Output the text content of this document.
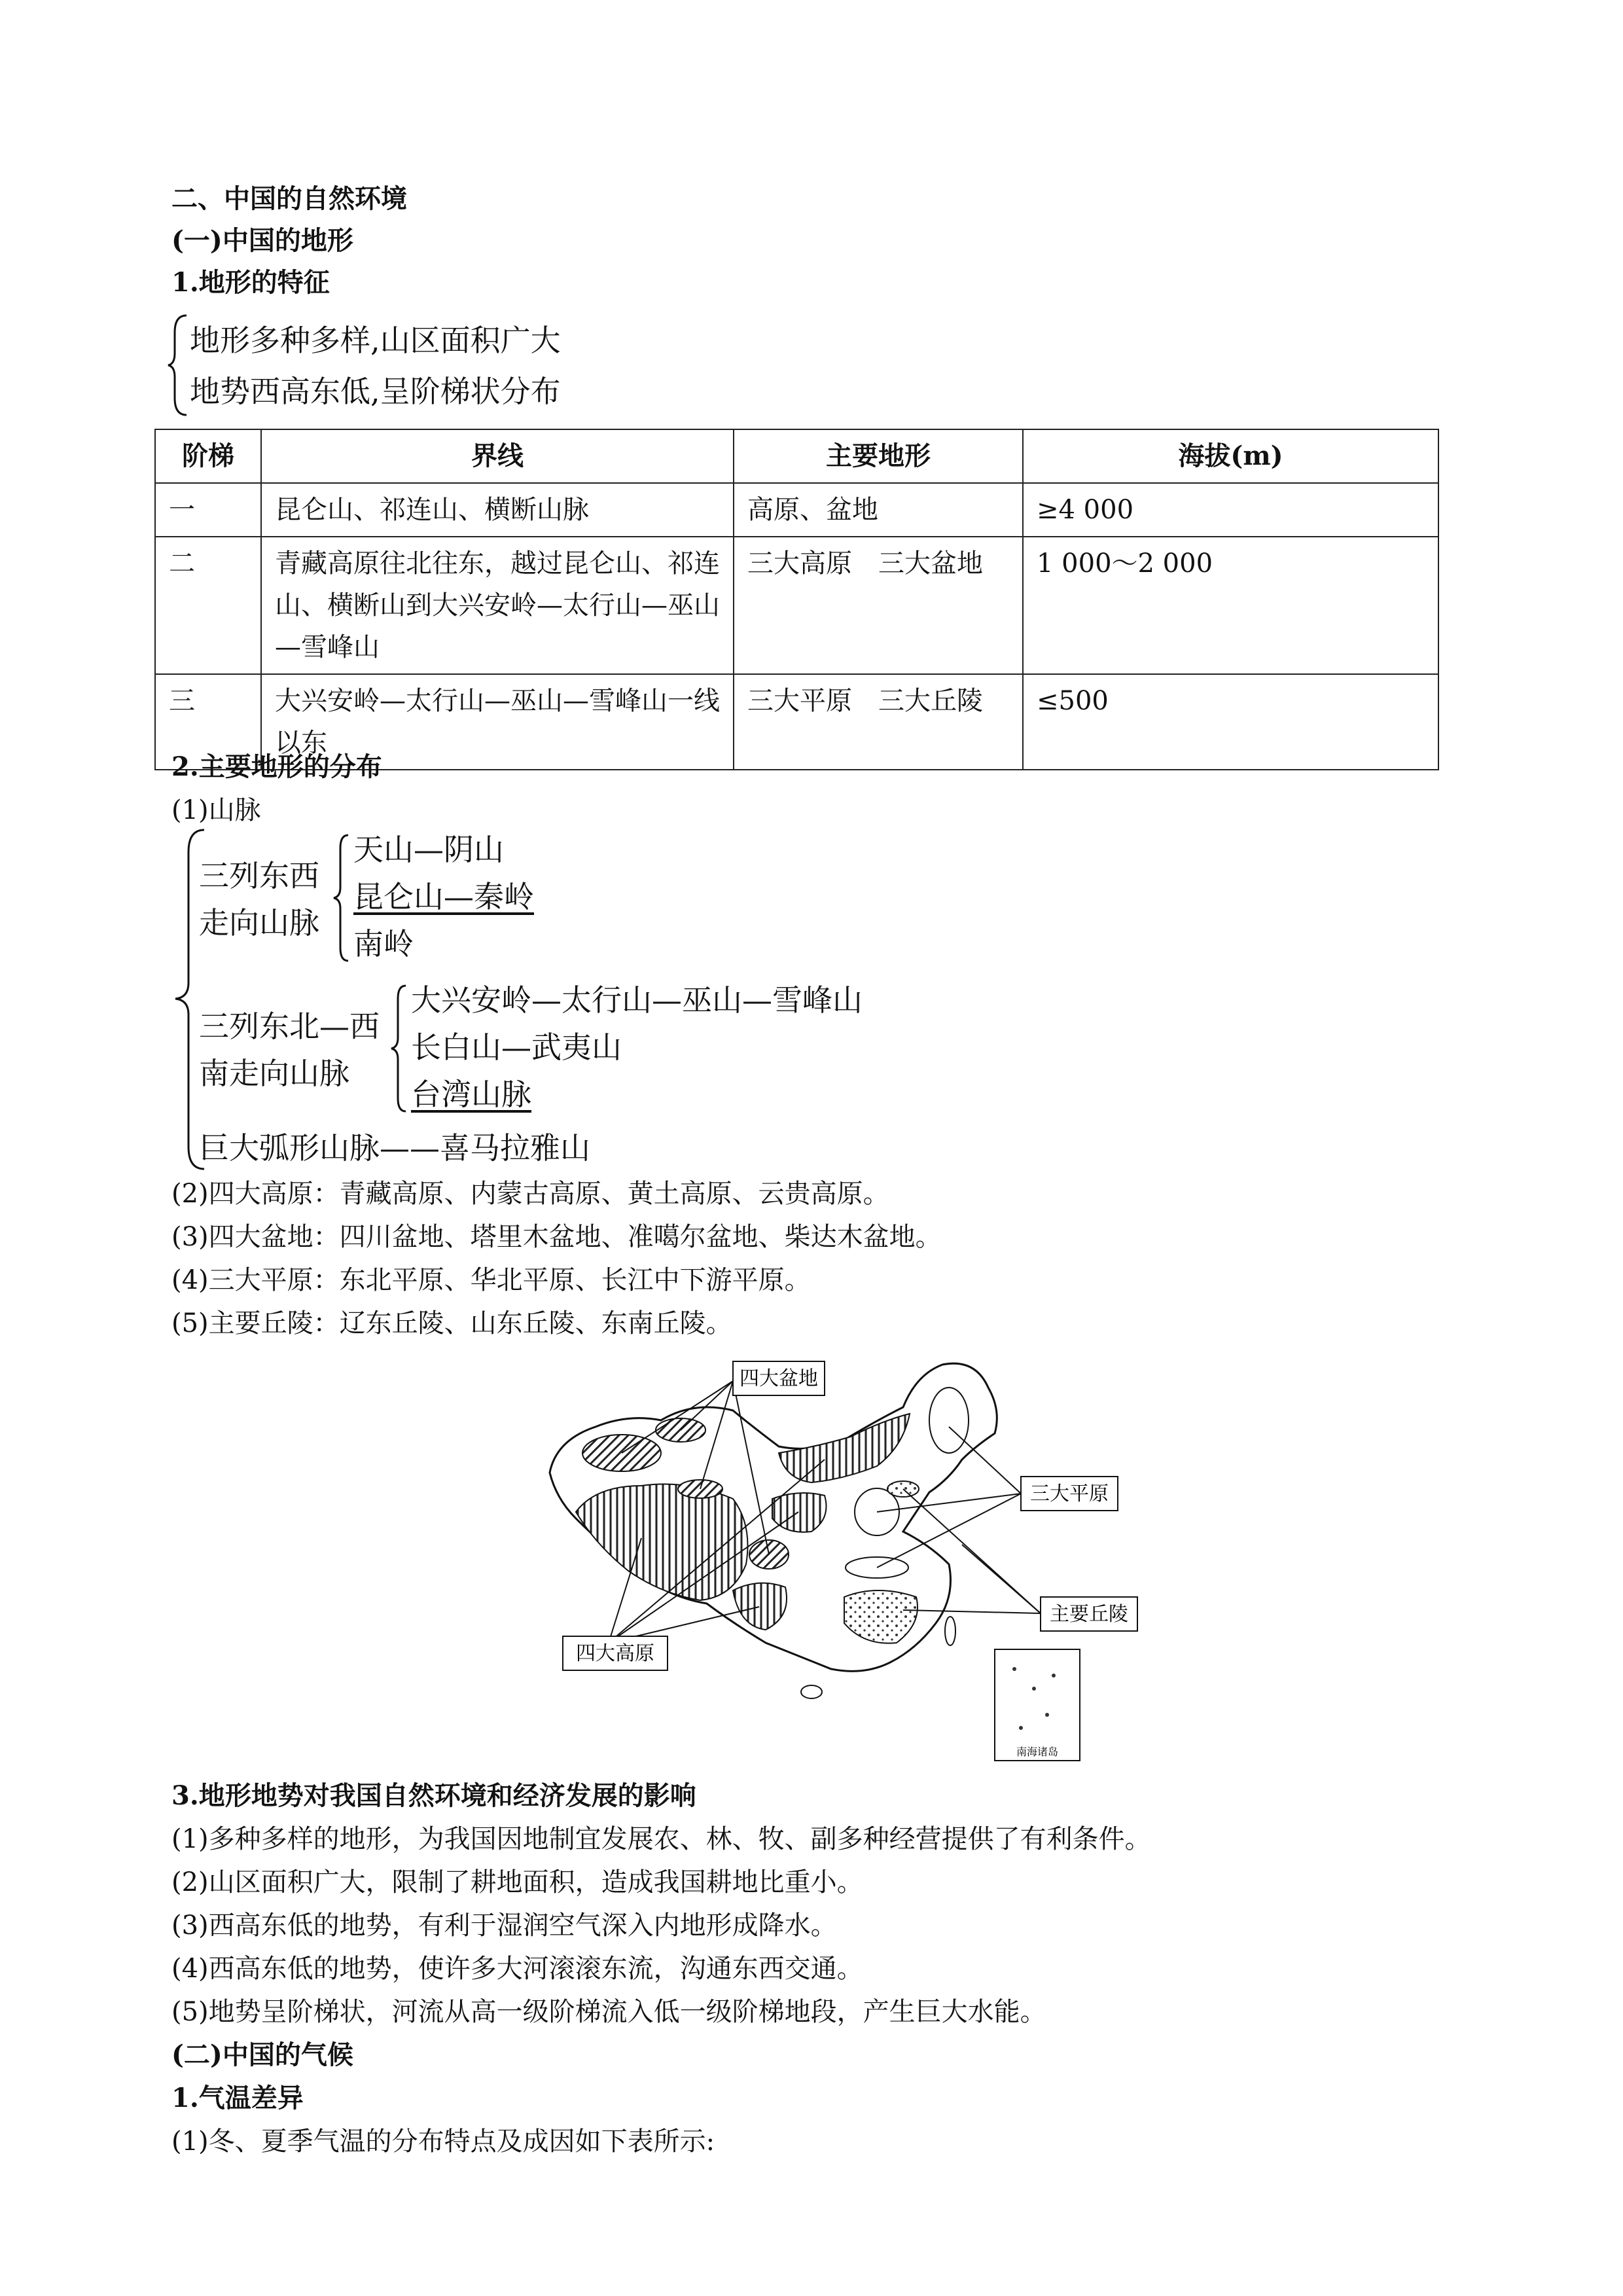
二、中国的自然环境
(一)中国的地形
1.地形的特征
地形多种多样,山区面积广大
地势西高东低,呈阶梯状分布
阶梯	界线	主要地形	海拔(m)
一	昆仑山、祁连山、横断山脉	高原、盆地	≥4 000
二	青藏高原往北往东，越过昆仑山、祁连山、横断山到大兴安岭—太行山—巫山—雪峰山	三大高原　三大盆地	1 000～2 000
三	大兴安岭—太行山—巫山—雪峰山一线以东	三大平原　三大丘陵	≤500
2.主要地形的分布
(1)山脉
三列东西
走向山脉
天山—阴山
昆仑山—秦岭
南岭
三列东北—西
南走向山脉
大兴安岭—太行山—巫山—雪峰山
长白山—武夷山
台湾山脉
巨大弧形山脉——喜马拉雅山
(2)四大高原：青藏高原、内蒙古高原、黄土高原、云贵高原。
(3)四大盆地：四川盆地、塔里木盆地、准噶尔盆地、柴达木盆地。
(4)三大平原：东北平原、华北平原、长江中下游平原。
(5)主要丘陵：辽东丘陵、山东丘陵、东南丘陵。
四大盆地
三大平原
主要丘陵
四大高原
南海诸岛
3.地形地势对我国自然环境和经济发展的影响
(1)多种多样的地形，为我国因地制宜发展农、林、牧、副多种经营提供了有利条件。
(2)山区面积广大，限制了耕地面积，造成我国耕地比重小。
(3)西高东低的地势，有利于湿润空气深入内地形成降水。
(4)西高东低的地势，使许多大河滚滚东流，沟通东西交通。
(5)地势呈阶梯状，河流从高一级阶梯流入低一级阶梯地段，产生巨大水能。
(二)中国的气候
1.气温差异
(1)冬、夏季气温的分布特点及成因如下表所示:
